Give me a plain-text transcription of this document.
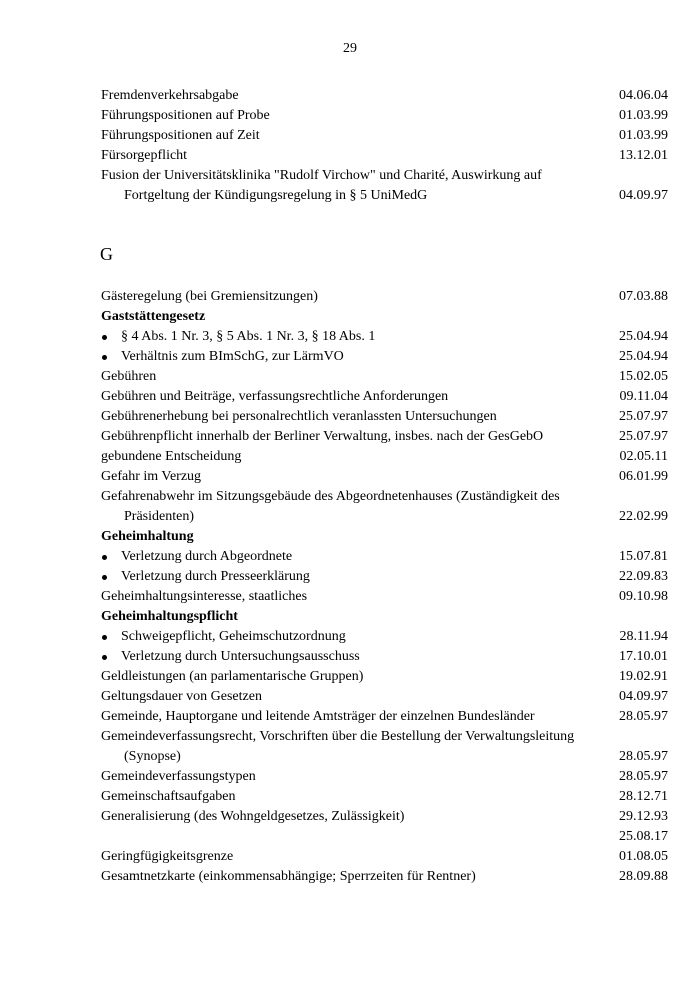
29
Fremdenverkehrsabgabe	04.06.04
Führungspositionen auf Probe	01.03.99
Führungspositionen auf Zeit	01.03.99
Fürsorgepflicht	13.12.01
Fusion der Universitätsklinika "Rudolf Virchow" und Charité, Auswirkung auf
Fortgeltung der Kündigungsregelung in § 5 UniMedG	04.09.97
G
Gästeregelung (bei Gremiensitzungen)	07.03.88
Gaststättengesetz
§ 4 Abs. 1 Nr. 3, § 5 Abs. 1 Nr. 3, § 18 Abs. 1	25.04.94
Verhältnis zum BImSchG, zur LärmVO	25.04.94
Gebühren	15.02.05
Gebühren und Beiträge, verfassungsrechtliche Anforderungen	09.11.04
Gebührenerhebung bei personalrechtlich veranlassten Untersuchungen	25.07.97
Gebührenpflicht innerhalb der Berliner Verwaltung, insbes. nach der GesGebO	25.07.97
gebundene Entscheidung	02.05.11
Gefahr im Verzug	06.01.99
Gefahrenabwehr im Sitzungsgebäude des Abgeordnetenhauses (Zuständigkeit des
Präsidenten)	22.02.99
Geheimhaltung
Verletzung durch Abgeordnete	15.07.81
Verletzung durch Presseerklärung	22.09.83
Geheimhaltungsinteresse, staatliches	09.10.98
Geheimhaltungspflicht
Schweigepflicht, Geheimschutzordnung	28.11.94
Verletzung durch Untersuchungsausschuss	17.10.01
Geldleistungen (an parlamentarische Gruppen)	19.02.91
Geltungsdauer von Gesetzen	04.09.97
Gemeinde, Hauptorgane und leitende Amtsträger der einzelnen Bundesländer	28.05.97
Gemeindeverfassungsrecht, Vorschriften über die Bestellung der Verwaltungsleitung
(Synopse)	28.05.97
Gemeindeverfassungstypen	28.05.97
Gemeinschaftsaufgaben	28.12.71
Generalisierung (des Wohngeldgesetzes, Zulässigkeit)	29.12.93
25.08.17
Geringfügigkeitsgrenze	01.08.05
Gesamtnetzkarte (einkommensabhängige; Sperrzeiten für Rentner)	28.09.88
